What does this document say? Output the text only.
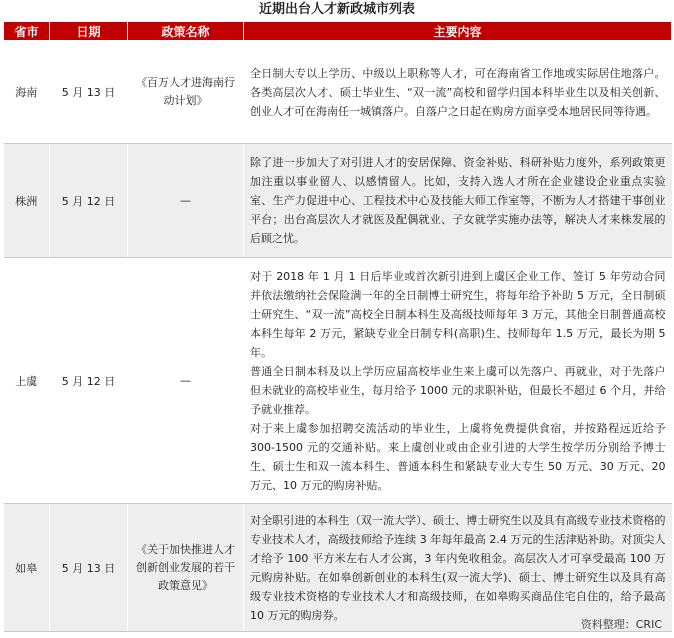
近期出台人才新政城市列表
省市	日期	政策名称	主要内容
海南	5 月 13 日	《百万人才进海南行动计划》	全日制大专以上学历、中级以上职称等人才，可在海南省工作地或实际居住地落户。各类高层次人才、硕士毕业生、“双一流”高校和留学归国本科毕业生以及相关创新、创业人才可在海南任一城镇落户。自落户之日起在购房方面享受本地居民同等待遇。

株洲	5 月 12 日	—	除了进一步加大了对引进人才的安居保障、资金补贴、科研补贴力度外，系列政策更加注重以事业留人、以感情留人。比如，支持入选人才所在企业建设企业重点实验室、生产力促进中心、工程技术中心及技能大师工作室等，不断为人才搭建干事创业平台；出台高层次人才就医及配偶就业、子女就学实施办法等，解决人才来株发展的后顾之忧。

上虞	5 月 12 日	—	对于 2018 年 1 月 1 日后毕业或首次新引进到上虞区企业工作、签订 5 年劳动合同并依法缴纳社会保险满一年的全日制博士研究生，将每年给予补助 5 万元，全日制硕士研究生、“双一流”高校全日制本科生及高级技师每年 3 万元，其他全日制普通高校本科生每年 2 万元，紧缺专业全日制专科(高职)生、技师每年 1.5 万元，最长为期 5 年。

普通全日制本科及以上学历应届高校毕业生来上虞可以先落户、再就业，对于先落户但未就业的高校毕业生，每月给予 1000 元的求职补贴，但最长不超过 6 个月，并给予就业推荐。

对于来上虞参加招聘交流活动的毕业生，上虞将免费提供食宿，并按路程远近给予 300-1500 元的交通补贴。来上虞创业或由企业引进的大学生按学历分别给予博士生、硕士生和双一流本科生、普通本科生和紧缺专业大专生 50 万元、30 万元、20 万元、10 万元的购房补贴。

如皋	5 月 13 日	《关于加快推进人才创新创业发展的若干政策意见》	对全职引进的本科生（双一流大学）、硕士、博士研究生以及具有高级专业技术资格的专业技术人才，高级技师给予连续 3 年每年最高 2.4 万元的生活津贴补助。对顶尖人才给予 100 平方米左右人才公寓，3 年内免收租金。高层次人才可享受最高 100 万元购房补贴。在如皋创新创业的本科生(双一流大学)、硕士、博士研究生以及具有高级专业技术资格的专业技术人才和高级技师，在如皋购买商品住宅自住的，给予最高 10 万元的购房券。

资料整理：CRIC
